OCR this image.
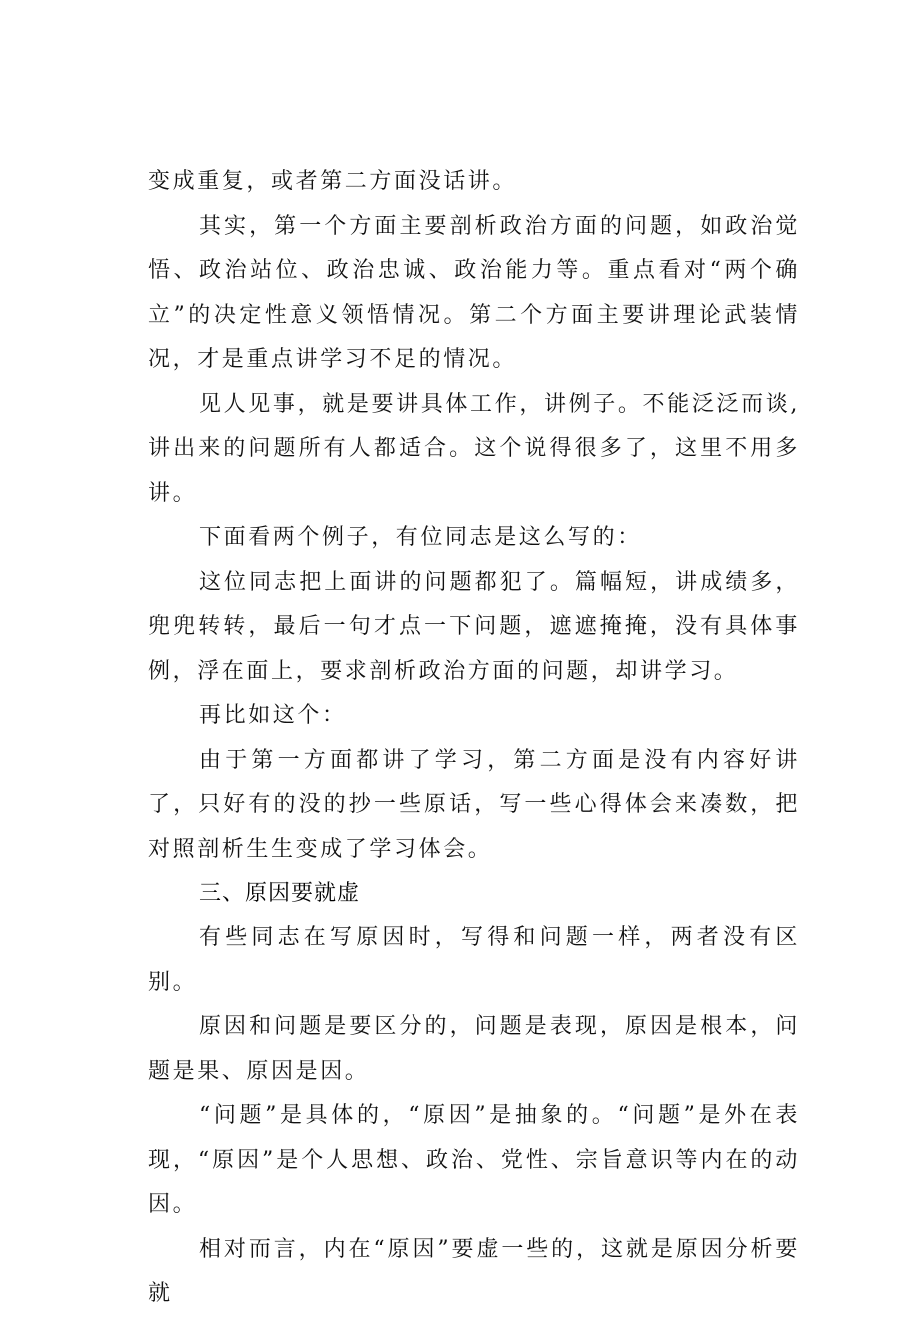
变成重复，或者第二方面没话讲。

其实，第一个方面主要剖析政治方面的问题，如政治觉悟、政治站位、政治忠诚、政治能力等。重点看对“两个确立”的决定性意义领悟情况。第二个方面主要讲理论武装情况，才是重点讲学习不足的情况。

见人见事，就是要讲具体工作，讲例子。不能泛泛而谈,讲出来的问题所有人都适合。这个说得很多了，这里不用多讲。

下面看两个例子，有位同志是这么写的：

这位同志把上面讲的问题都犯了。篇幅短，讲成绩多，兜兜转转，最后一句才点一下问题，遮遮掩掩，没有具体事例，浮在面上，要求剖析政治方面的问题，却讲学习。

再比如这个：

由于第一方面都讲了学习，第二方面是没有内容好讲了，只好有的没的抄一些原话，写一些心得体会来凑数，把对照剖析生生变成了学习体会。

三、原因要就虚

有些同志在写原因时，写得和问题一样，两者没有区别。

原因和问题是要区分的，问题是表现，原因是根本，问题是果、原因是因。

“问题”是具体的，“原因”是抽象的。“问题”是外在表现，“原因”是个人思想、政治、党性、宗旨意识等内在的动因。

相对而言，内在“原因”要虚一些的，这就是原因分析要就
